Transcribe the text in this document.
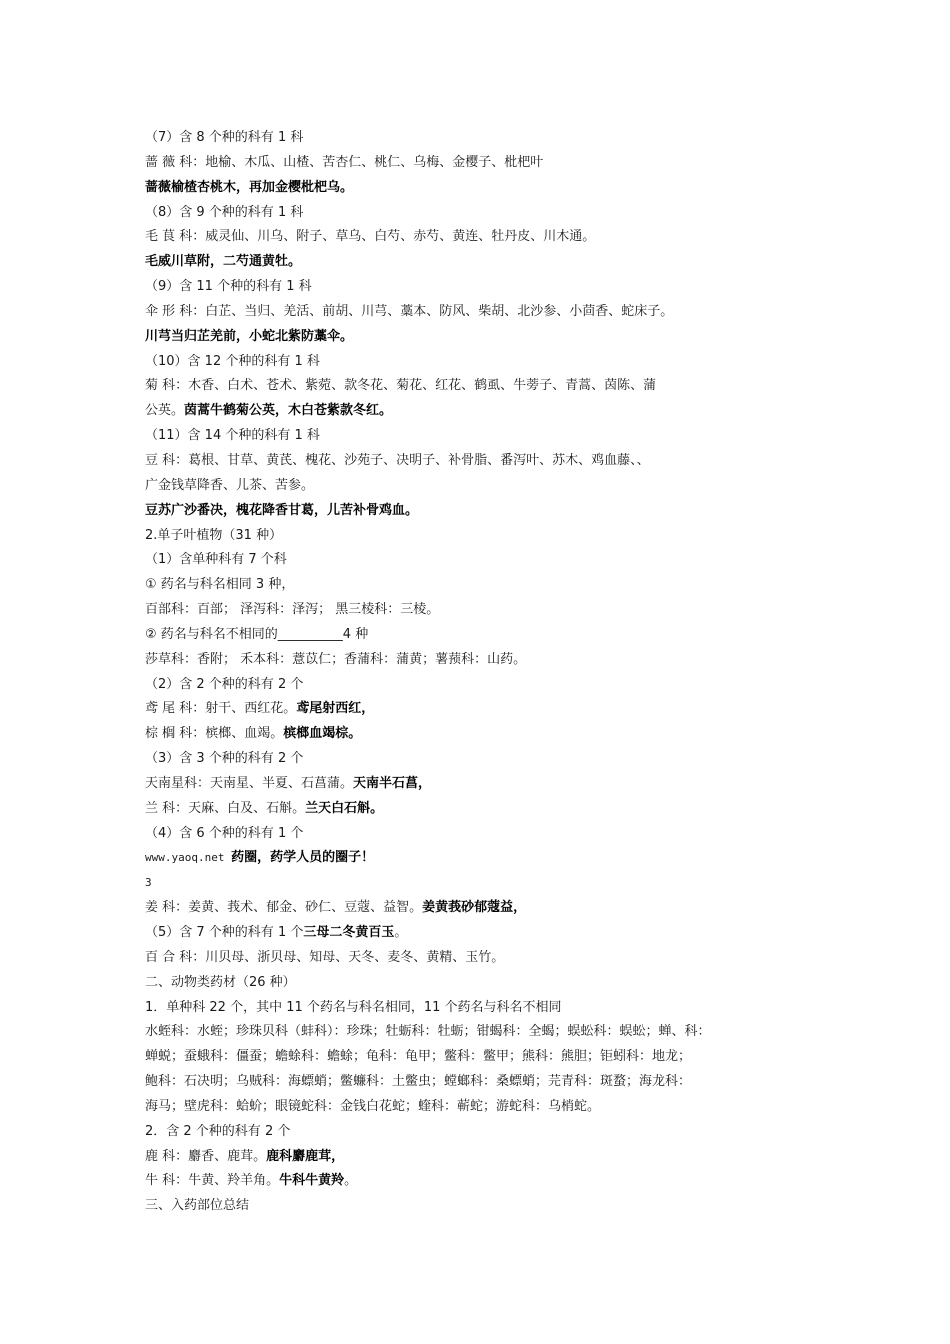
（7）含 8 个种的科有 1 科
蔷 薇 科：地榆、木瓜、山楂、苦杏仁、桃仁、乌梅、金樱子、枇杷叶
蔷薇榆楂杏桃木，再加金樱枇杷乌。
（8）含 9 个种的科有 1 科
毛 茛 科：威灵仙、川乌、附子、草乌、白芍、赤芍、黄连、牡丹皮、川木通。
毛威川草附，二芍通黄牡。
（9）含 11 个种的科有 1 科
伞 形 科：白芷、当归、羌活、前胡、川芎、藁本、防风、柴胡、北沙参、小茴香、蛇床子。
川芎当归芷羌前，小蛇北紫防藁伞。
（10）含 12 个种的科有 1 科
菊 科：木香、白术、苍术、紫菀、款冬花、菊花、红花、鹤虱、牛蒡子、青蒿、茵陈、蒲
公英。茵蒿牛鹤菊公英，木白苍紫款冬红。
（11）含 14 个种的科有 1 科
豆 科：葛根、甘草、黄芪、槐花、沙苑子、决明子、补骨脂、番泻叶、苏木、鸡血藤、、
广金钱草降香、儿茶、苦参。
豆苏广沙番决，槐花降香甘葛，儿苦补骨鸡血。
2.单子叶植物（31 种）
（1）含单种科有 7 个科
① 药名与科名相同 3 种，
百部科：百部； 泽泻科：泽泻； 黑三棱科：三棱。
② 药名与科名不相同的__________4 种
莎草科：香附； 禾本科：薏苡仁；香蒲科：蒲黄；薯蓣科：山药。
（2）含 2 个种的科有 2 个
鸢 尾 科：射干、西红花。鸢尾射西红，
棕 榈 科：槟榔、血竭。槟榔血竭棕。
（3）含 3 个种的科有 2 个
天南星科：天南星、半夏、石菖蒲。天南半石菖，
兰 科：天麻、白及、石斛。兰天白石斛。
（4）含 6 个种的科有 1 个
www.yaoq.net 药圈，药学人员的圈子！
3
姜 科：姜黄、莪术、郁金、砂仁、豆蔻、益智。姜黄莪砂郁蔻益，
（5）含 7 个种的科有 1 个三母二冬黄百玉。
百 合 科：川贝母、浙贝母、知母、天冬、麦冬、黄精、玉竹。
二、动物类药材（26 种）
1．单种科 22 个，其中 11 个药名与科名相同，11 个药名与科名不相同
水蛭科：水蛭；珍珠贝科（蚌科）：珍珠；牡蛎科：牡蛎；钳蝎科：全蝎；蜈蚣科：蜈蚣；蝉、科：
蝉蜕；蚕蛾科：僵蚕；蟾蜍科：蟾蜍；龟科：龟甲；鳖科：鳖甲；熊科：熊胆；钜蚓科：地龙；
鲍科：石决明；乌贼科：海螵蛸；鳖蠊科：土鳖虫；螳螂科：桑螵蛸；芫青科：斑蝥；海龙科：
海马；壁虎科：蛤蚧；眼镜蛇科：金钱白花蛇；蝰科：蕲蛇；游蛇科：乌梢蛇。
2．含 2 个种的科有 2 个
鹿 科：麝香、鹿茸。鹿科麝鹿茸，
牛 科：牛黄、羚羊角。牛科牛黄羚。
三、入药部位总结
